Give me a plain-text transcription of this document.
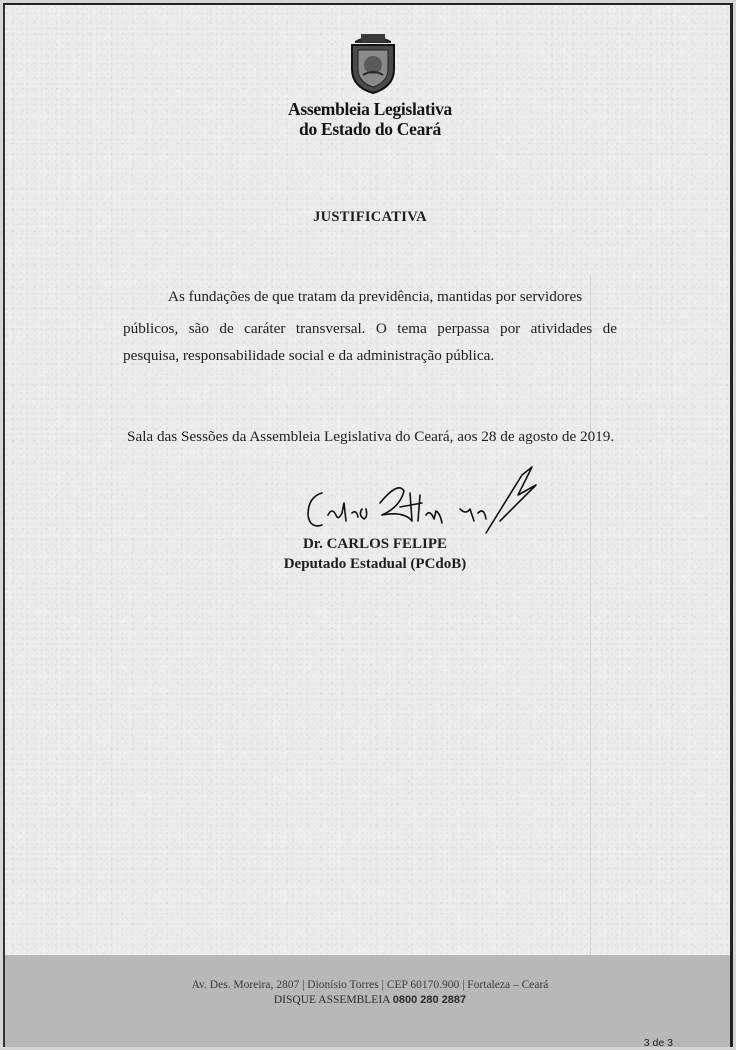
Assembleia Legislativa
do Estado do Ceará
JUSTIFICATIVA
As fundações de que tratam da previdência, mantidas por servidores
públicos, são de caráter transversal. O tema perpassa por atividades de
pesquisa, responsabilidade social e da administração pública.
Sala das Sessões da Assembleia Legislativa do Ceará, aos 28 de agosto de 2019.
Dr. CARLOS FELIPE
Deputado Estadual (PCdoB)
Av. Des. Moreira, 2807 | Dionísio Torres | CEP 60170.900 | Fortaleza – Ceará
DISQUE ASSEMBLEIA 0800 280 2887
3 de 3
